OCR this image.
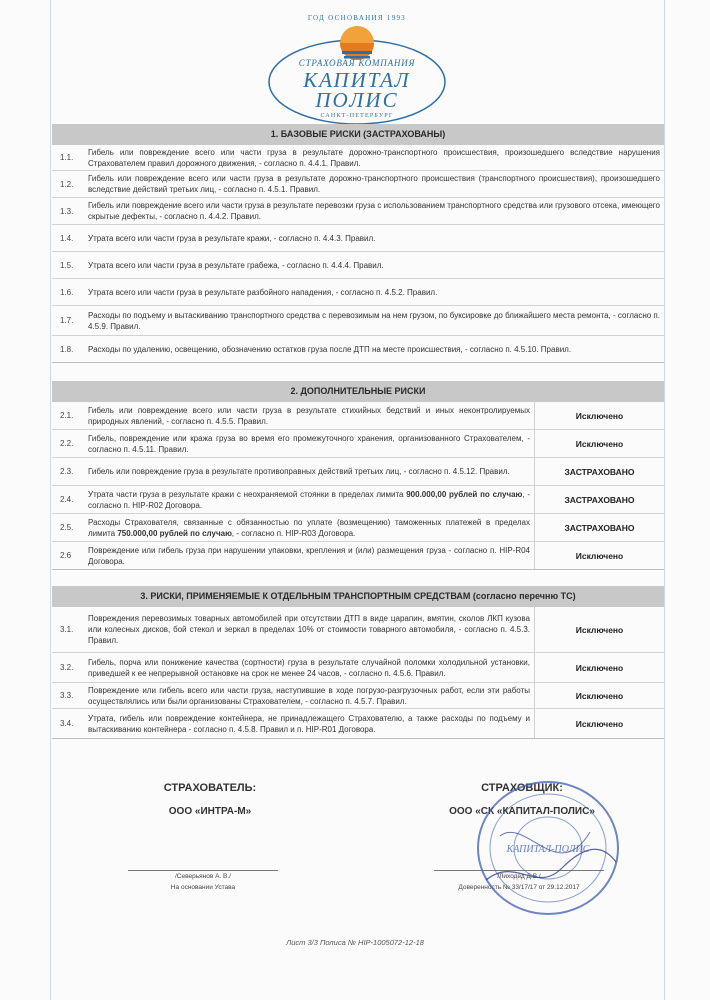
ГОД ОСНОВАНИЯ 1993
СТРАХОВАЯ КОМПАНИЯ
КАПИТАЛ
ПОЛИС
САНКТ-ПЕТЕРБУРГ
1. БАЗОВЫЕ РИСКИ (ЗАСТРАХОВАНЫ)
1.1.
Гибель или повреждение всего или части груза в результате дорожно-транспортного происшествия, произошедшего вследствие нарушения Страхователем правил дорожного движения, - согласно п. 4.4.1. Правил.
1.2.
Гибель или повреждение всего или части груза в результате дорожно-транспортного происшествия (транспортного происшествия), произошедшего вследствие действий третьих лиц, - согласно п. 4.5.1. Правил.
1.3.
Гибель или повреждение всего или части груза в результате перевозки груза с использованием транспортного средства или грузового отсека, имеющего скрытые дефекты, - согласно п. 4.4.2. Правил.
1.4.	Утрата всего или части груза в результате кражи, - согласно п. 4.4.3. Правил.
1.5.	Утрата всего или части груза в результате грабежа, - согласно п. 4.4.4. Правил.
1.6.	Утрата всего или части груза в результате разбойного нападения, - согласно п. 4.5.2. Правил.
1.7.
Расходы по подъему и вытаскиванию транспортного средства с перевозимым на нем грузом, по буксировке до ближайшего места ремонта, - согласно п. 4.5.9. Правил.
1.8.	Расходы по удалению, освещению, обозначению остатков груза после ДТП на месте происшествия, - согласно п. 4.5.10. Правил.
2. ДОПОЛНИТЕЛЬНЫЕ РИСКИ
2.1.
Гибель или повреждение всего или части груза в результате стихийных бедствий и иных неконтролируемых природных явлений, - согласно п. 4.5.5. Правил.
Исключено
2.2.
Гибель, повреждение или кража груза во время его промежуточного хранения, организованного Страхователем, - согласно п. 4.5.11. Правил.
Исключено
2.3.	Гибель или повреждение груза в результате противоправных действий третьих лиц, - согласно п. 4.5.12. Правил.	ЗАСТРАХОВАНО
2.4.
Утрата части груза в результате кражи с неохраняемой стоянки в пределах лимита 900.000,00 рублей по случаю, - согласно п. HIP-R02 Договора.
ЗАСТРАХОВАНО
2.5.
Расходы Страхователя, связанные с обязанностью по уплате (возмещению) таможенных платежей в пределах лимита 750.000,00 рублей по случаю, - согласно п. HIP-R03 Договора.
ЗАСТРАХОВАНО
2.6
Повреждение или гибель груза при нарушении упаковки, крепления и (или) размещения груза - согласно п. HIP-R04 Договора.
Исключено
3. РИСКИ, ПРИМЕНЯЕМЫЕ К ОТДЕЛЬНЫМ ТРАНСПОРТНЫМ СРЕДСТВАМ (согласно перечню ТС)
3.1.
Повреждения перевозимых товарных автомобилей при отсутствии ДТП в виде царапин, вмятин, сколов ЛКП кузова или колесных дисков, бой стекол и зеркал в пределах 10% от стоимости товарного автомобиля, - согласно п. 4.5.3. Правил.
Исключено
3.2.
Гибель, порча или понижение качества (сортности) груза в результате случайной поломки холодильной установки, приведшей к ее непрерывной остановке на срок не менее 24 часов, - согласно п. 4.5.6. Правил.
Исключено
3.3.
Повреждение или гибель всего или части груза, наступившие в ходе погрузо-разгрузочных работ, если эти работы осуществлялись или были организованы Страхователем, - согласно п. 4.5.7. Правил.
Исключено
3.4.
Утрата, гибель или повреждение контейнера, не принадлежащего Страхователю, а также расходы по подъему и вытаскиванию контейнера - согласно п. 4.5.8. Правил и п. HIP-R01 Договора.
Исключено
СТРАХОВАТЕЛЬ:
ООО «ИНТРА-М»
/Северьянов А. В./
На основании Устава
СТРАХОВЩИК:
ООО «СК «КАПИТАЛ-ПОЛИС»
/Лиходед Д.В./
Доверенность № 33/17/17 от 29.12.2017
КАПИТАЛ-ПОЛИС
Лист 3/3 Полиса № HIP-1005072-12-18
